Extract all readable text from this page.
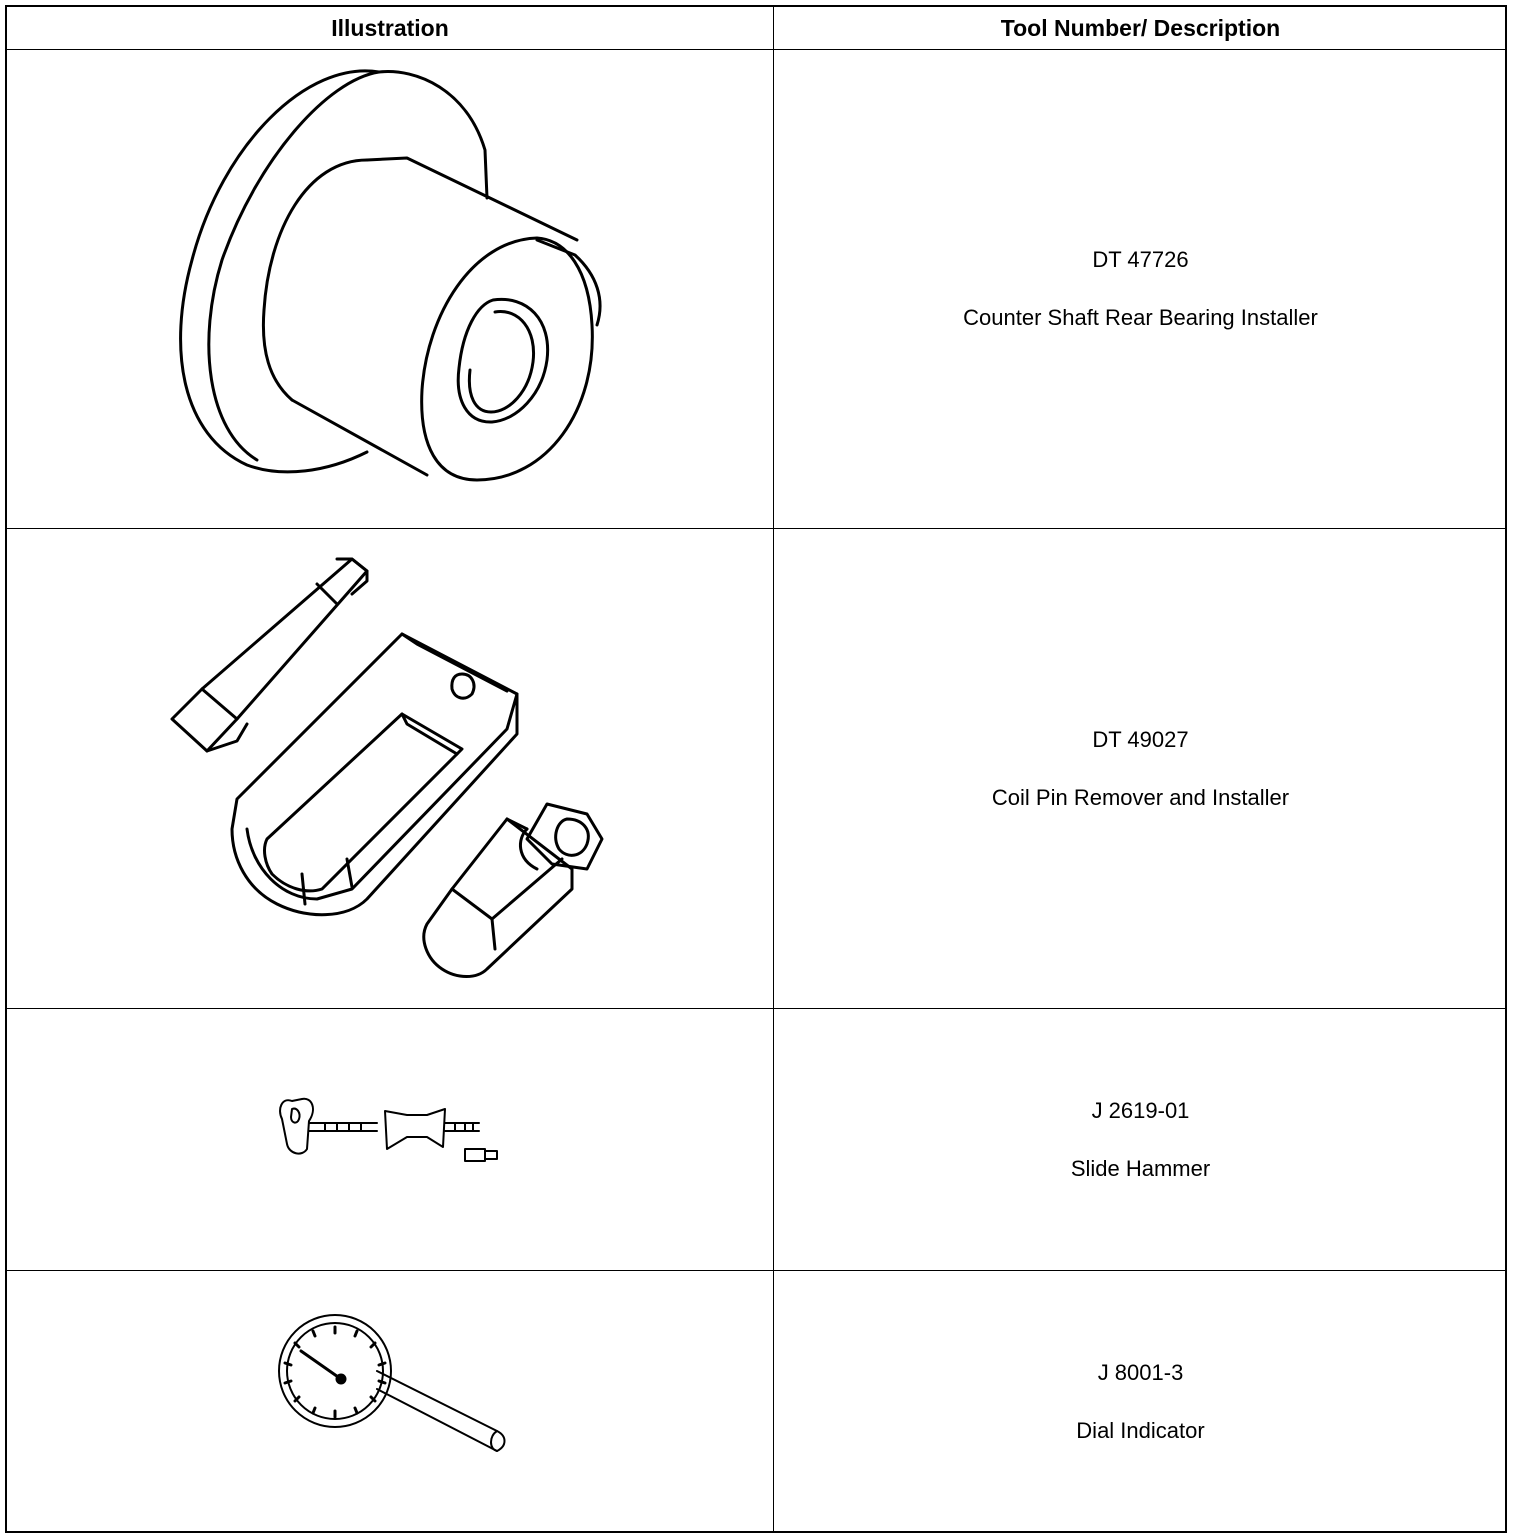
Illustration	Tool Number/ Description
DT 47726
Counter Shaft Rear Bearing Installer
DT 49027
Coil Pin Remover and Installer
J 2619-01
Slide Hammer
J 8001-3
Dial Indicator
